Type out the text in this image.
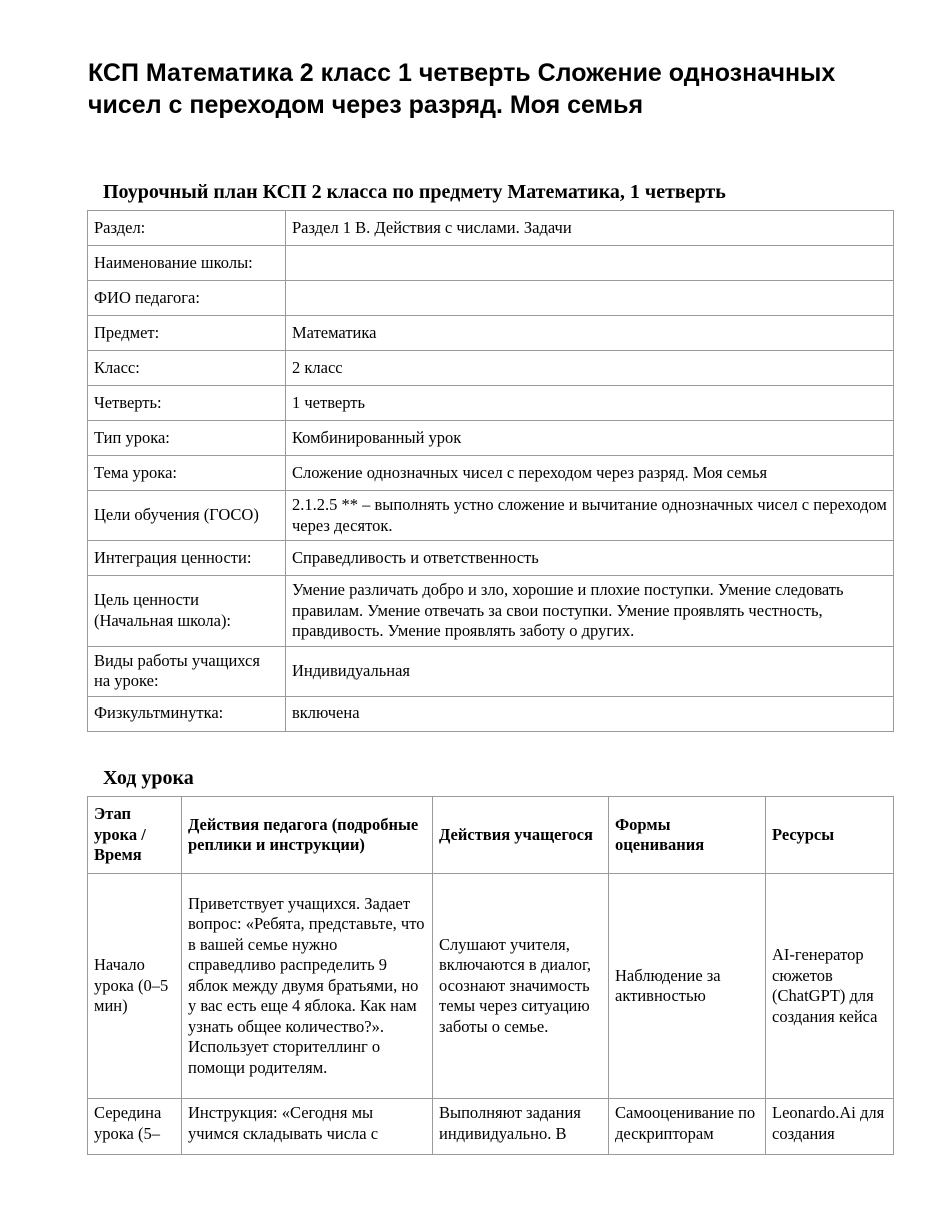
КСП Математика 2 класс 1 четверть Сложение однозначных чисел с переходом через разряд. Моя семья
Поурочный план КСП 2 класса по предмету Математика, 1 четверть
Раздел:	Раздел 1 B. Действия с числами. Задачи
Наименование школы:	
ФИО педагога:	
Предмет:	Математика
Класс:	2 класс
Четверть:	1 четверть
Тип урока:	Комбинированный урок
Тема урока:	Сложение однозначных чисел с переходом через разряд. Моя семья
Цели обучения (ГОСО)	2.1.2.5 ** – выполнять устно сложение и вычитание однозначных чисел с переходом через десяток.
Интеграция ценности:	Справедливость и ответственность
Цель ценности (Начальная школа):	Умение различать добро и зло, хорошие и плохие поступки. Умение следовать правилам. Умение отвечать за свои поступки. Умение проявлять честность, правдивость. Умение проявлять заботу о других.
Виды работы учащихся на уроке:	Индивидуальная
Физкультминутка:	включена
Ход урока
Этап урока / Время	Действия педагога (подробные реплики и инструкции)	Действия учащегося	Формы оценивания	Ресурсы
Начало урока (0–5 мин)	Приветствует учащихся. Задает вопрос: «Ребята, представьте, что в вашей семье нужно справедливо распределить 9 яблок между двумя братьями, но у вас есть еще 4 яблока. Как нам узнать общее количество?». Использует сторителлинг о помощи родителям.	Слушают учителя, включаются в диалог, осознают значимость темы через ситуацию заботы о семье.	Наблюдение за активностью	AI-генератор сюжетов (ChatGPT) для создания кейса
Середина урока (5–	Инструкция: «Сегодня мы учимся складывать числа с	Выполняют задания индивидуально. В	Самооценивание по дескрипторам	Leonardo.Ai для создания
